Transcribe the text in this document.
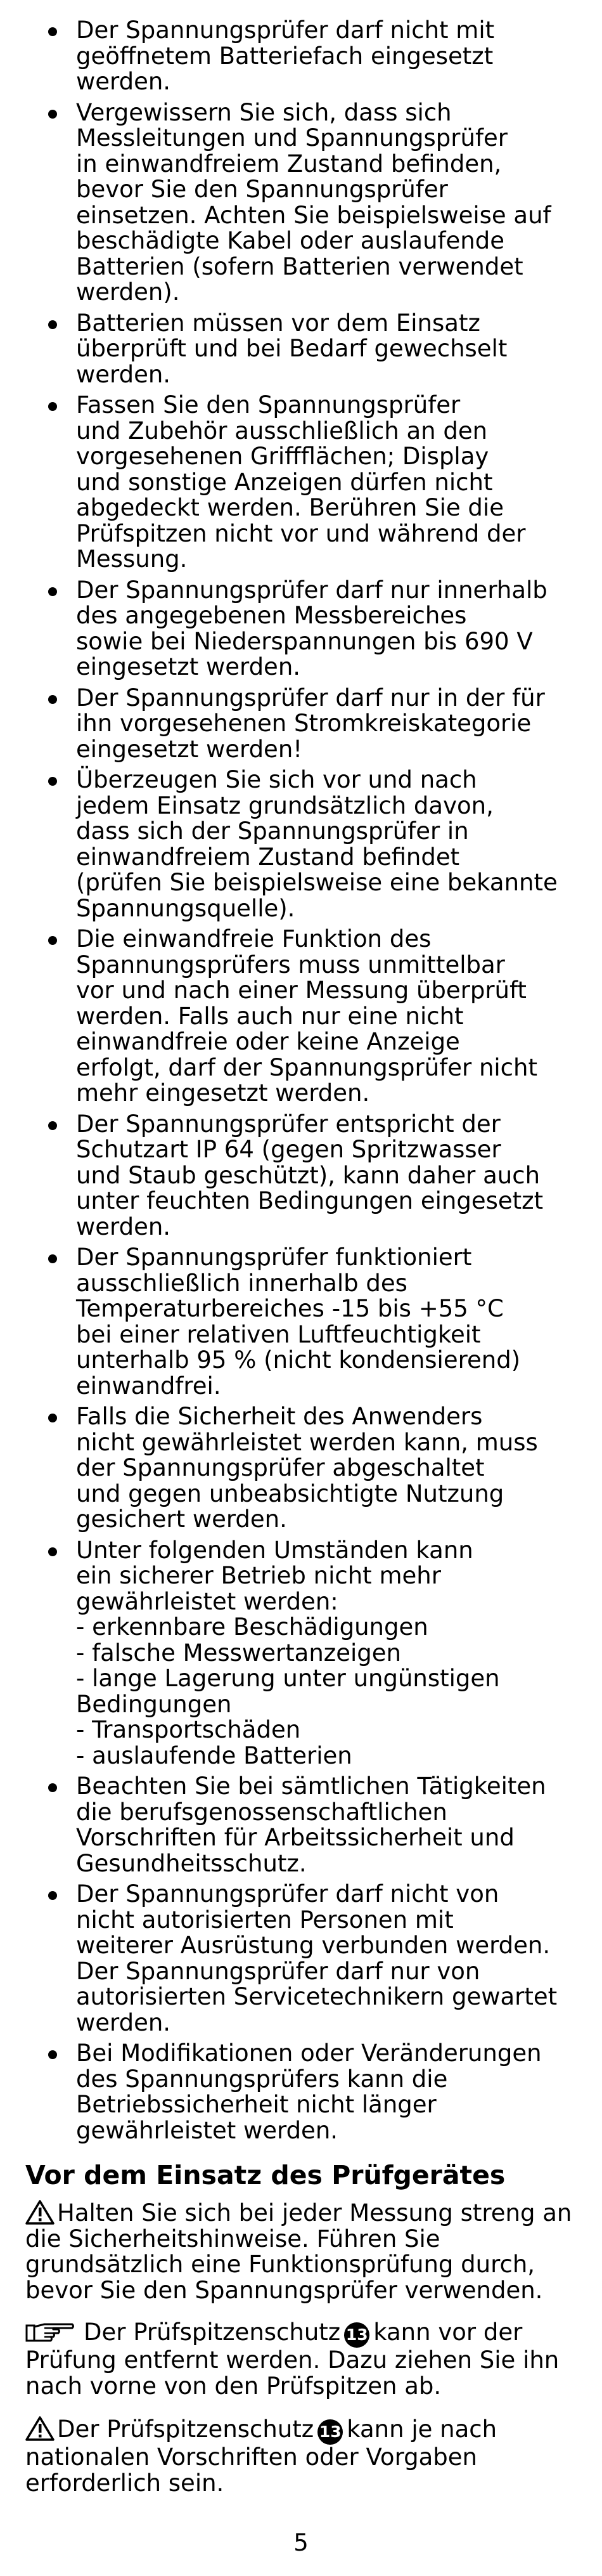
Der Spannungsprüfer darf nicht mit
geöffnetem Batteriefach eingesetzt
werden.
Vergewissern Sie sich, dass sich
Messleitungen und Spannungsprüfer
in einwandfreiem Zustand befinden,
bevor Sie den Spannungsprüfer
einsetzen. Achten Sie beispielsweise auf
beschädigte Kabel oder auslaufende
Batterien (sofern Batterien verwendet
werden).
Batterien müssen vor dem Einsatz
überprüft und bei Bedarf gewechselt
werden.
Fassen Sie den Spannungsprüfer
und Zubehör ausschließlich an den
vorgesehenen Griffflächen; Display
und sonstige Anzeigen dürfen nicht
abgedeckt werden. Berühren Sie die
Prüfspitzen nicht vor und während der
Messung.
Der Spannungsprüfer darf nur innerhalb
des angegebenen Messbereiches
sowie bei Niederspannungen bis 690 V
eingesetzt werden.
Der Spannungsprüfer darf nur in der für
ihn vorgesehenen Stromkreiskategorie
eingesetzt werden!
Überzeugen Sie sich vor und nach
jedem Einsatz grundsätzlich davon,
dass sich der Spannungsprüfer in
einwandfreiem Zustand befindet
(prüfen Sie beispielsweise eine bekannte
Spannungsquelle).
Die einwandfreie Funktion des
Spannungsprüfers muss unmittelbar
vor und nach einer Messung überprüft
werden. Falls auch nur eine nicht
einwandfreie oder keine Anzeige
erfolgt, darf der Spannungsprüfer nicht
mehr eingesetzt werden.
Der Spannungsprüfer entspricht der
Schutzart IP 64 (gegen Spritzwasser
und Staub geschützt), kann daher auch
unter feuchten Bedingungen eingesetzt
werden.
Der Spannungsprüfer funktioniert
ausschließlich innerhalb des
Temperaturbereiches -15 bis +55 °C
bei einer relativen Luftfeuchtigkeit
unterhalb 95 % (nicht kondensierend)
einwandfrei.
Falls die Sicherheit des Anwenders
nicht gewährleistet werden kann, muss
der Spannungsprüfer abgeschaltet
und gegen unbeabsichtigte Nutzung
gesichert werden.
Unter folgenden Umständen kann
ein sicherer Betrieb nicht mehr
gewährleistet werden:
- erkennbare Beschädigungen
- falsche Messwertanzeigen
- lange Lagerung unter ungünstigen
Bedingungen
- Transportschäden
- auslaufende Batterien
Beachten Sie bei sämtlichen Tätigkeiten
die berufsgenossenschaftlichen
Vorschriften für Arbeitssicherheit und
Gesundheitsschutz.
Der Spannungsprüfer darf nicht von
nicht autorisierten Personen mit
weiterer Ausrüstung verbunden werden.
Der Spannungsprüfer darf nur von
autorisierten Servicetechnikern gewartet
werden.
Bei Modifikationen oder Veränderungen
des Spannungsprüfers kann die
Betriebssicherheit nicht länger
gewährleistet werden.
Vor dem Einsatz des Prüfgerätes

Halten Sie sich bei jeder Messung streng an die Sicherheitshinweise. Führen Sie grundsätzlich eine Funktionsprüfung durch, bevor Sie den Spannungsprüfer verwenden.

Der Prüfspitzenschutz 13 kann vor der Prüfung entfernt werden. Dazu ziehen Sie ihn nach vorne von den Prüfspitzen ab.

Der Prüfspitzenschutz 13 kann je nach nationalen Vorschriften oder Vorgaben erforderlich sein.

5
